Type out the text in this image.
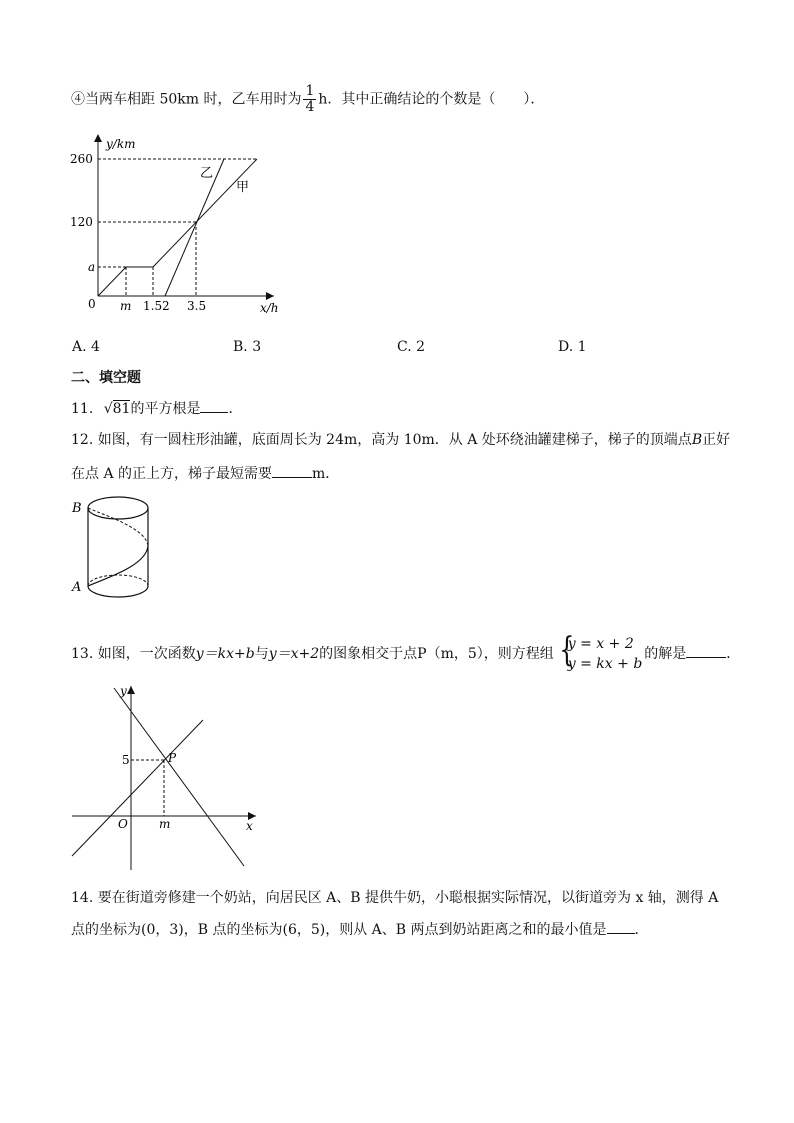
④当两车相距 50km 时，乙车用时为 $\frac{1}{4}$ h．其中正确结论的个数是（　　）．
y/km
x/h
0
260
120
a
m 1.5 2 3.5
乙
甲
A. 4	B. 3	C. 2	D. 1
二、填空题
11. √81的平方根是 ．
12. 如图，有一圆柱形油罐，底面周长为 24m，高为 10m．从 A 处环绕油罐建梯子，梯子的顶端点B正好
在点 A 的正上方，梯子最短需要	m．
B
A
13. 如图，一次函数y＝kx+b与y＝x+2的图象相交于点P（m，5），则方程组 {
y = x + 2
y = kx + b
的解是	．
y
x
O
5
m
P
14. 要在街道旁修建一个奶站，向居民区 A、B 提供牛奶，小聪根据实际情况，以街道旁为 x 轴，测得 A
点的坐标为(0，3)，B 点的坐标为(6，5)，则从 A、B 两点到奶站距离之和的最小值是 ．
